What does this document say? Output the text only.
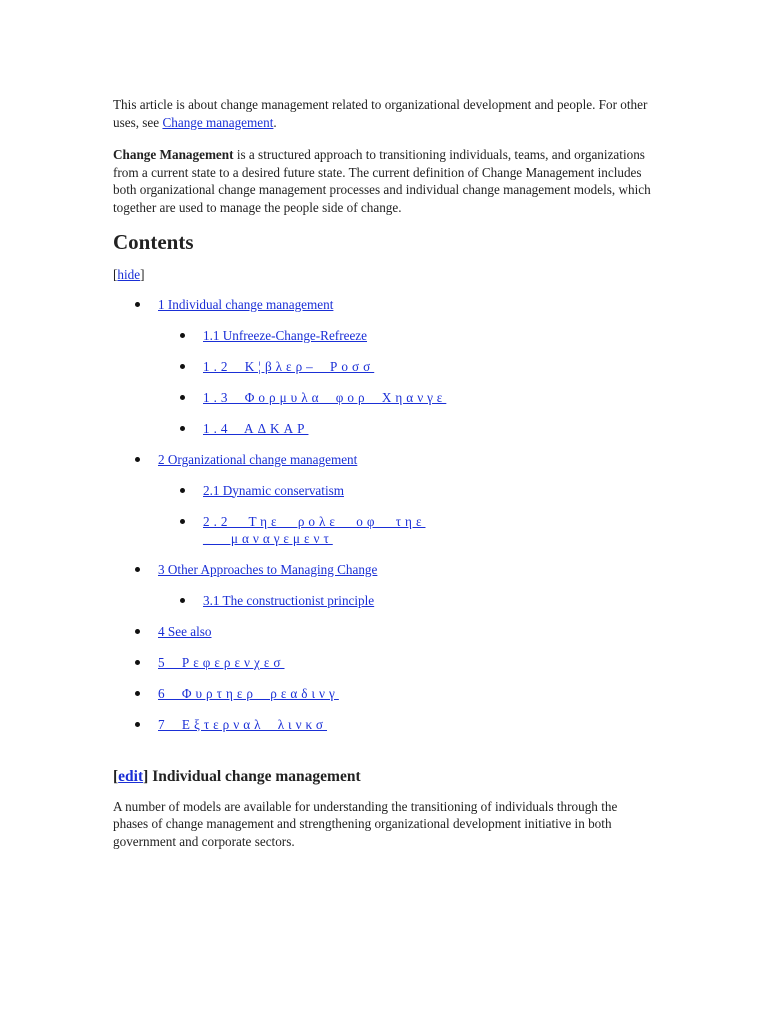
This article is about change management related to organizational development and people. For other uses, see Change management.

Change Management is a structured approach to transitioning individuals, teams, and organizations from a current state to a desired future state. The current definition of Change Management includes both organizational change management processes and individual change management models, which together are used to manage the people side of change.

Contents
[hide]
1 Individual change management
1.1 Unfreeze-Change-Refreeze
1.2 Κ¦βλερ– Ροσσ
1.3 Φορμυλα φορ Χηανγε
1.4 ΑΔΚΑΡ
2 Organizational change management
2.1 Dynamic conservatism
2.2 Τηε ρολε οφ τηε _ μαναγεμεντ
3 Other Approaches to Managing Change
3.1 The constructionist principle
4 See also
5 Ρεφερενχεσ
6 Φυρτηερ ρεαδινγ
7 Εξτερναλ λινκσ
[edit] Individual change management

A number of models are available for understanding the transitioning of individuals through the phases of change management and strengthening organizational development initiative in both government and corporate sectors.
